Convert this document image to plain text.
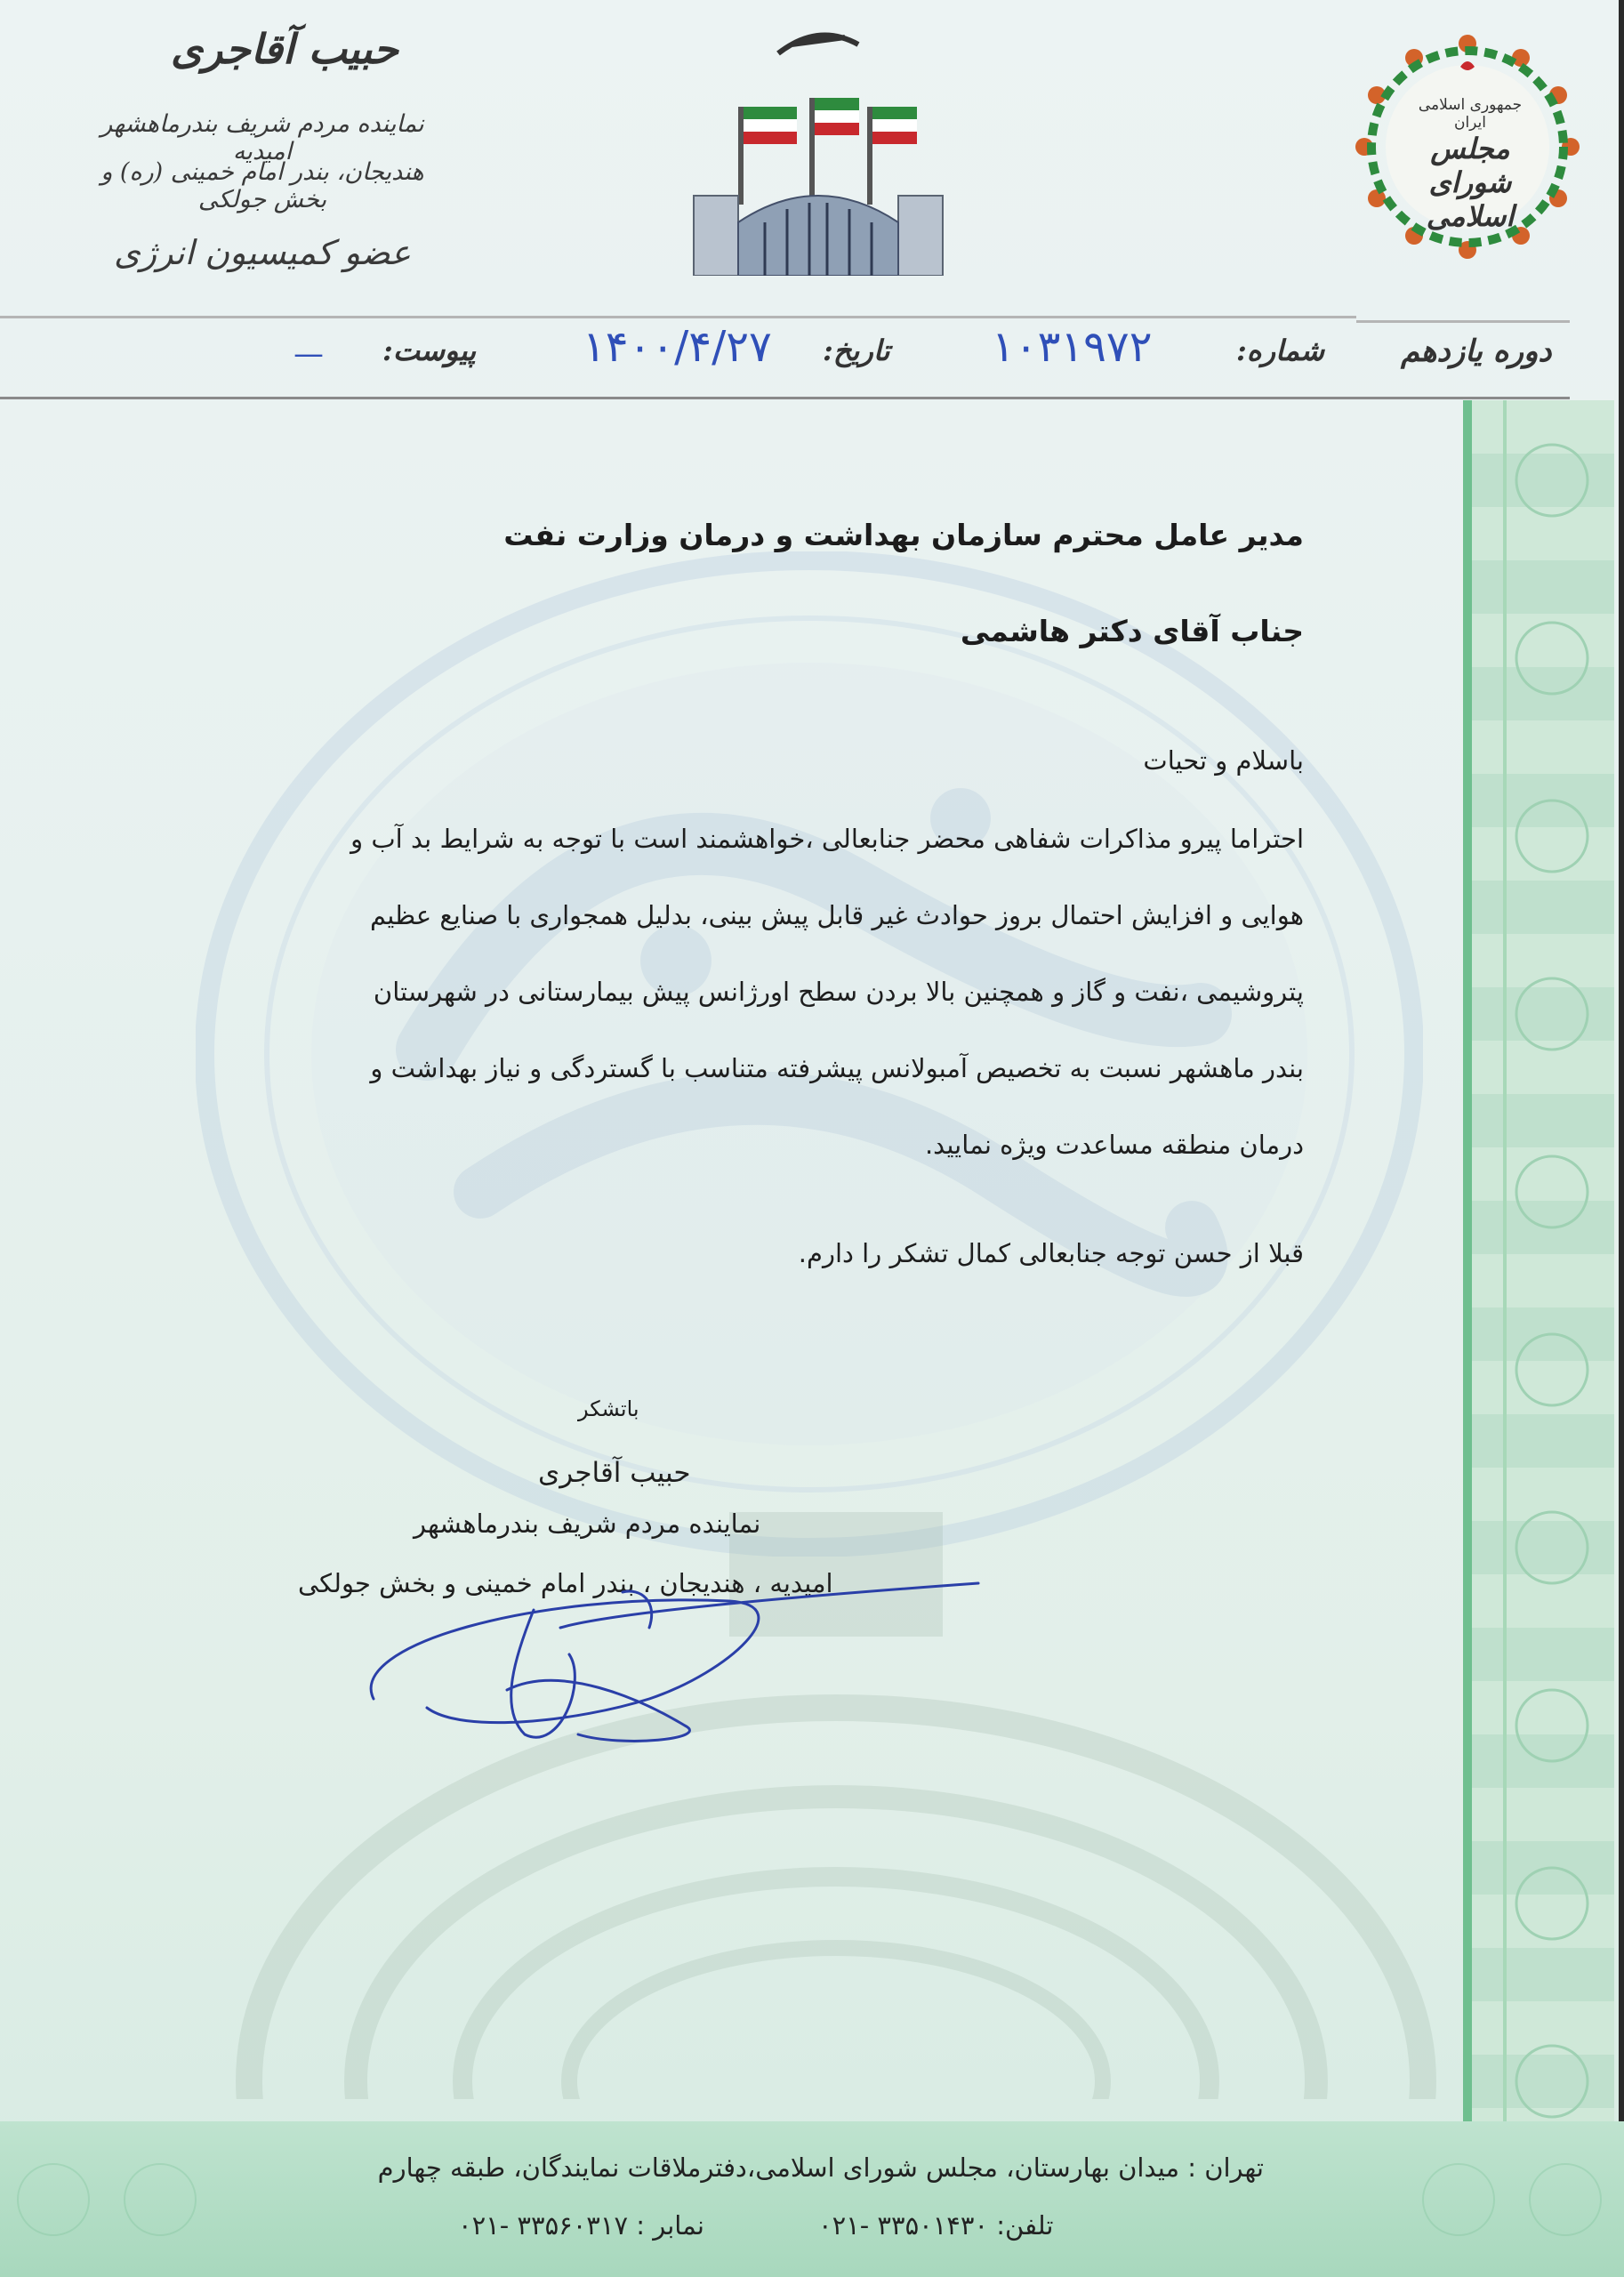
حبیب آقاجری
نماینده مردم شریف بندرماهشهر امیدیه
هندیجان، بندر امام خمینی (ره) و بخش جولکی
عضو کمیسیون انرژی
جمهوری اسلامی ایران
مجلس شورای اسلامی
دوره یازدهم
شماره:
۱۰۳۱۹۷۲
تاریخ:
۱۴۰۰/۴/۲۷
پیوست:
—
مدیر عامل محترم سازمان بهداشت و درمان وزارت نفت
جناب آقای دکتر هاشمی
باسلام و تحیات
احتراما پیرو مذاکرات شفاهی محضر جنابعالی ،خواهشمند است با توجه به شرایط بد آب و
هوایی و افزایش احتمال بروز حوادث غیر قابل پیش بینی، بدلیل همجواری با صنایع عظیم
پتروشیمی ،نفت و گاز و همچنین بالا بردن سطح اورژانس پیش بیمارستانی در شهرستان
بندر ماهشهر نسبت به تخصیص آمبولانس پیشرفته متناسب با گستردگی و نیاز بهداشت و
درمان منطقه مساعدت ویژه نمایید.
قبلا از حسن توجه جنابعالی کمال تشکر را دارم.
باتشکر
حبیب آقاجری
نماینده مردم شریف بندرماهشهر
امیدیه ، هندیجان ، بندر امام خمینی و بخش جولکی
تهران : میدان بهارستان، مجلس شورای اسلامی،دفترملاقات نمایندگان، طبقه چهارم
تلفن: ۳۳۵۰۱۴۳۰ -۰۲۱
نمابر : ۳۳۵۶۰۳۱۷ -۰۲۱
